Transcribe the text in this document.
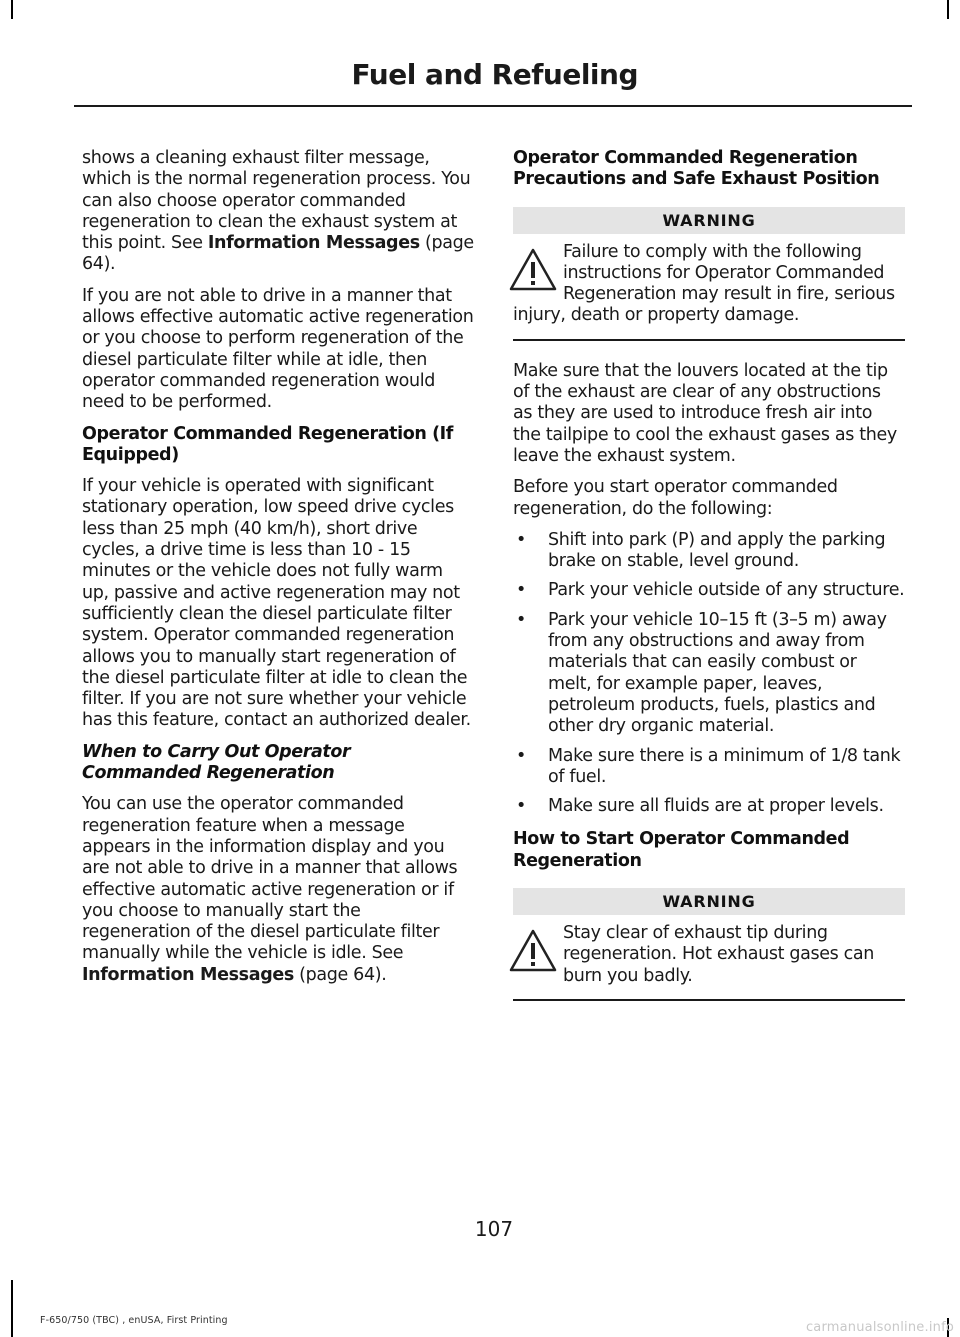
Fuel and Refueling

shows a cleaning exhaust filter message, which is the normal regeneration process. You can also choose operator commanded regeneration to clean the exhaust system at this point. See Information Messages (page 64).

If you are not able to drive in a manner that allows effective automatic active regeneration or you choose to perform regeneration of the diesel particulate filter while at idle, then operator commanded regeneration would need to be performed.

Operator Commanded Regeneration (If Equipped)

If your vehicle is operated with significant stationary operation, low speed drive cycles less than 25 mph (40 km/h), short drive cycles, a drive time is less than 10 - 15 minutes or the vehicle does not fully warm up, passive and active regeneration may not sufficiently clean the diesel particulate filter system. Operator commanded regeneration allows you to manually start regeneration of the diesel particulate filter at idle to clean the filter. If you are not sure whether your vehicle has this feature, contact an authorized dealer.

When to Carry Out Operator Commanded Regeneration

You can use the operator commanded regeneration feature when a message appears in the information display and you are not able to drive in a manner that allows effective automatic active regeneration or if you choose to manually start the regeneration of the diesel particulate filter manually while the vehicle is idle. See Information Messages (page 64).

Operator Commanded Regeneration Precautions and Safe Exhaust Position
WARNING
Failure to comply with the following instructions for Operator Commanded Regeneration may result in fire, serious injury, death or property damage.

Make sure that the louvers located at the tip of the exhaust are clear of any obstructions as they are used to introduce fresh air into the tailpipe to cool the exhaust gases as they leave the exhaust system.

Before you start operator commanded regeneration, do the following:

• Shift into park (P) and apply the parking brake on stable, level ground.
• Park your vehicle outside of any structure.
• Park your vehicle 10–15 ft (3–5 m) away from any obstructions and away from materials that can easily combust or melt, for example paper, leaves, petroleum products, fuels, plastics and other dry organic material.
• Make sure there is a minimum of 1/8 tank of fuel.
• Make sure all fluids are at proper levels.
How to Start Operator Commanded Regeneration
WARNING
Stay clear of exhaust tip during regeneration. Hot exhaust gases can burn you badly.
107
F-650/750 (TBC) , enUSA, First Printing	carmanualsonline.info
